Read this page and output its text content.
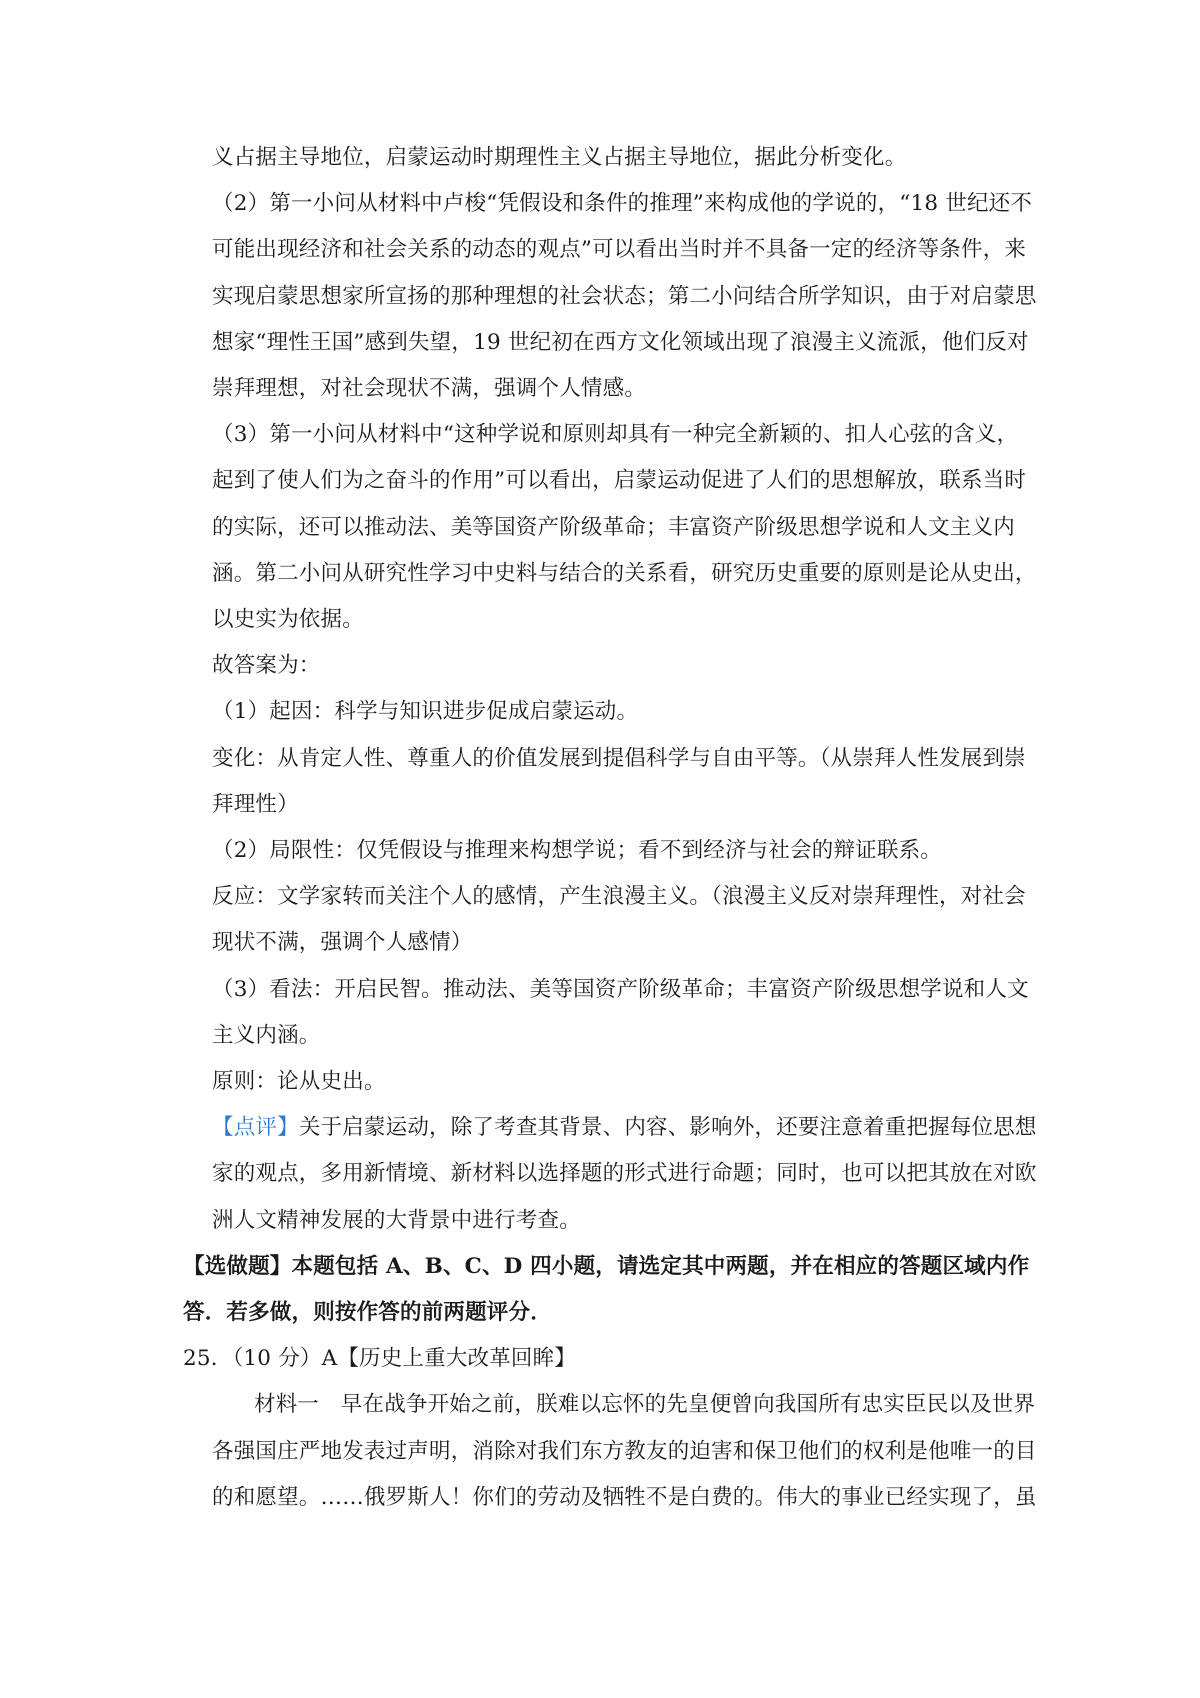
义占据主导地位，启蒙运动时期理性主义占据主导地位，据此分析变化。
（2）第一小问从材料中卢梭“凭假设和条件的推理”来构成他的学说的，“18 世纪还不
可能出现经济和社会关系的动态的观点”可以看出当时并不具备一定的经济等条件，来
实现启蒙思想家所宣扬的那种理想的社会状态；第二小问结合所学知识，由于对启蒙思
想家“理性王国”感到失望，19 世纪初在西方文化领域出现了浪漫主义流派，他们反对
崇拜理想，对社会现状不满，强调个人情感。
（3）第一小问从材料中“这种学说和原则却具有一种完全新颖的、扣人心弦的含义，
起到了使人们为之奋斗的作用”可以看出，启蒙运动促进了人们的思想解放，联系当时
的实际，还可以推动法、美等国资产阶级革命；丰富资产阶级思想学说和人文主义内
涵。第二小问从研究性学习中史料与结合的关系看，研究历史重要的原则是论从史出，
以史实为依据。
故答案为：
（1）起因：科学与知识进步促成启蒙运动。
变化：从肯定人性、尊重人的价值发展到提倡科学与自由平等。（从崇拜人性发展到崇
拜理性）
（2）局限性：仅凭假设与推理来构想学说；看不到经济与社会的辩证联系。
反应：文学家转而关注个人的感情，产生浪漫主义。（浪漫主义反对崇拜理性，对社会
现状不满，强调个人感情）
（3）看法：开启民智。推动法、美等国资产阶级革命；丰富资产阶级思想学说和人文
主义内涵。
原则：论从史出。
【点评】关于启蒙运动，除了考查其背景、内容、影响外，还要注意着重把握每位思想
家的观点，多用新情境、新材料以选择题的形式进行命题；同时，也可以把其放在对欧
洲人文精神发展的大背景中进行考查。
【选做题】本题包括 A、B、C、D 四小题，请选定其中两题，并在相应的答题区域内作
答．若多做，则按作答的前两题评分．
25．（10 分）A【历史上重大改革回眸】
材料一　早在战争开始之前，朕难以忘怀的先皇便曾向我国所有忠实臣民以及世界
各强国庄严地发表过声明，消除对我们东方教友的迫害和保卫他们的权利是他唯一的目
的和愿望。……俄罗斯人！你们的劳动及牺牲不是白费的。伟大的事业已经实现了，虽
